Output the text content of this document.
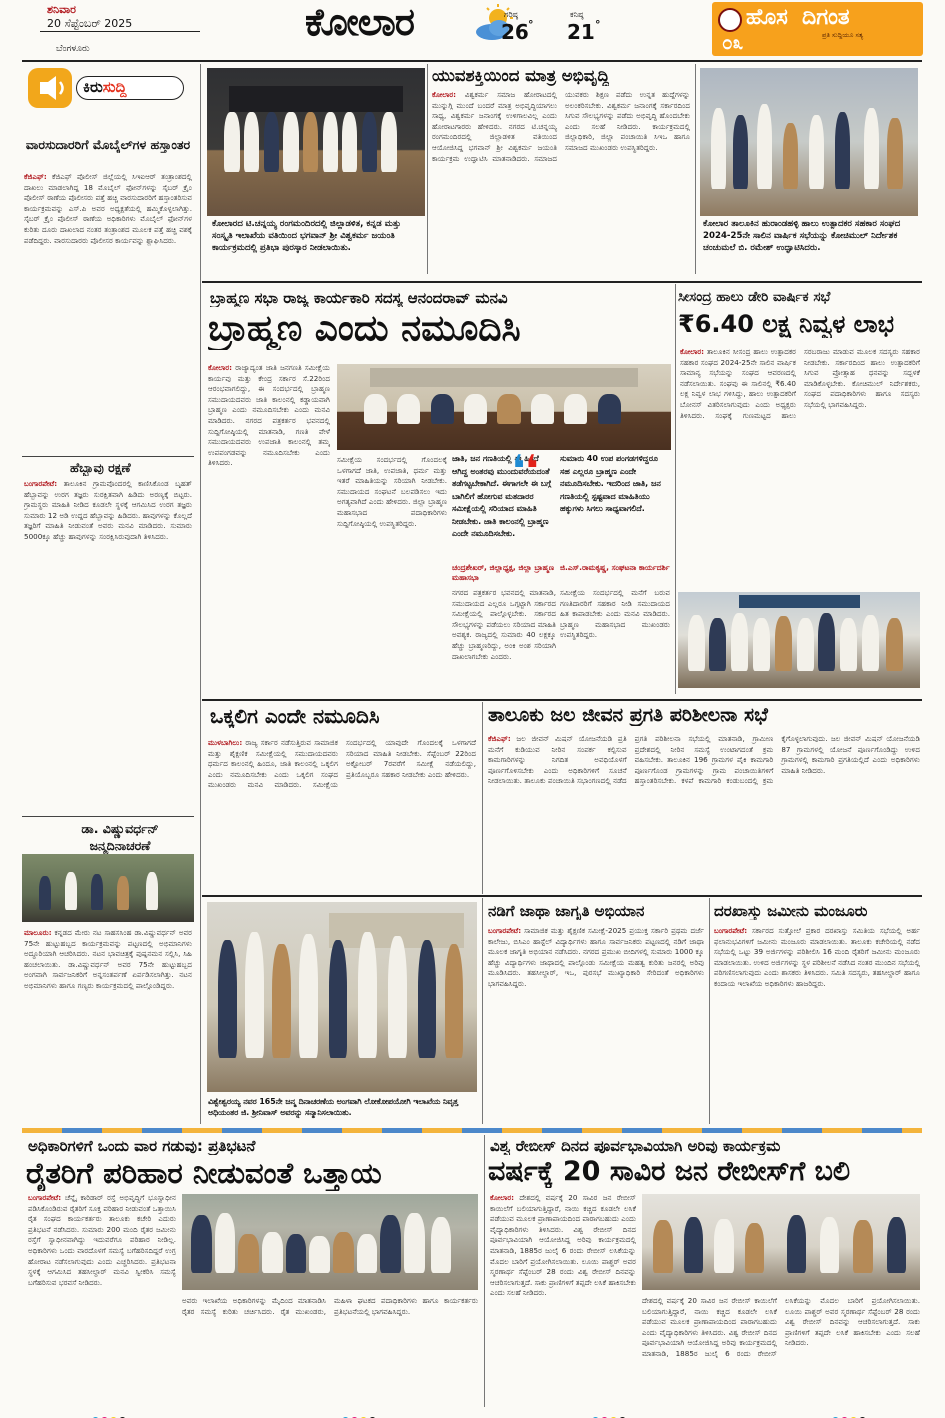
ಶನಿವಾರ
20 ಸೆಪ್ಟೆಂಬರ್ 2025
ಬೆಂಗಳೂರು
ಕೋಲಾರ	ಗರಿಷ್ಠ
26 °
ಕನಿಷ್ಠ
21 °	ಹೊಸ ದಿಗಂತ
ಪ್ರತಿ ಸುದ್ದಿಯೂ ಸತ್ಯ
೦೩
ಕಿರುಸುದ್ದಿ
ವಾರಸುದಾರರಿಗೆ ಮೊಬೈಲ್‌ಗಳ ಹಸ್ತಾಂತರ
ಕೆಜಿಎಫ್: ಕೆಜಿಎಫ್ ಪೊಲೀಸ್ ಜಿಲ್ಲೆಯಲ್ಲಿ ಸಿಇಐಆರ್ ತಂತ್ರಾಂಶದಲ್ಲಿ ದಾಖಲು ಮಾಡಲಾಗಿದ್ದ 18 ಮೊಬೈಲ್ ಫೋನ್‌ಗಳನ್ನು ಸೈಬರ್ ಕ್ರೈಂ ಪೊಲೀಸ್ ಠಾಣೆಯ ಪೊಲೀಸರು ಪತ್ತೆ ಹಚ್ಚಿ ವಾರಸುದಾರರಿಗೆ ಹಸ್ತಾಂತರಿಸುವ ಕಾರ್ಯಕ್ರಮವನ್ನು ಎಸ್.ಪಿ ಅವರ ಅಧ್ಯಕ್ಷತೆಯಲ್ಲಿ ಹಮ್ಮಿಕೊಳ್ಳಲಾಗಿತ್ತು. ಸೈಬರ್ ಕ್ರೈಂ ಪೊಲೀಸ್ ಠಾಣೆಯ ಅಧಿಕಾರಿಗಳು ಮೊಬೈಲ್ ಫೋನ್‌ಗಳ ಕುರಿತು ದೂರು ದಾಖಲಾದ ನಂತರ ತಂತ್ರಾಂಶದ ಮೂಲಕ ಪತ್ತೆ ಹಚ್ಚಿ ವಶಕ್ಕೆ ಪಡೆದಿದ್ದರು. ವಾರಸುದಾರರು ಪೊಲೀಸರ ಕಾರ್ಯವನ್ನು ಶ್ಲಾಘಿಸಿದರು.
ಹೆಬ್ಬಾವು ರಕ್ಷಣೆ
ಬಂಗಾರಪೇಟೆ: ತಾಲೂಕಿನ ಗ್ರಾಮವೊಂದರಲ್ಲಿ ಕಾಣಿಸಿಕೊಂಡ ಬೃಹತ್ ಹೆಬ್ಬಾವನ್ನು ಉರಗ ತಜ್ಞರು ಸುರಕ್ಷಿತವಾಗಿ ಹಿಡಿದು ಅರಣ್ಯಕ್ಕೆ ಬಿಟ್ಟರು. ಗ್ರಾಮಸ್ಥರು ಮಾಹಿತಿ ನೀಡಿದ ಕೂಡಲೇ ಸ್ಥಳಕ್ಕೆ ಆಗಮಿಸಿದ ಉರಗ ತಜ್ಞರು ಸುಮಾರು 12 ಅಡಿ ಉದ್ದದ ಹೆಬ್ಬಾವನ್ನು ಹಿಡಿದರು. ಹಾವುಗಳನ್ನು ಕೊಲ್ಲದೆ ತಜ್ಞರಿಗೆ ಮಾಹಿತಿ ನೀಡುವಂತೆ ಅವರು ಮನವಿ ಮಾಡಿದರು. ಸುಮಾರು 5000ಕ್ಕೂ ಹೆಚ್ಚು ಹಾವುಗಳನ್ನು ಸಂರಕ್ಷಿಸಿರುವುದಾಗಿ ತಿಳಿಸಿದರು.
ಡಾ. ವಿಷ್ಣುವರ್ಧನ್ ಜನ್ಮದಿನಾಚರಣೆ
ಮಾಲೂರು: ಕನ್ನಡದ ಮೇರು ನಟ ಸಾಹಸಸಿಂಹ ಡಾ.ವಿಷ್ಣುವರ್ಧನ್ ಅವರ 75ನೇ ಹುಟ್ಟುಹಬ್ಬದ ಕಾರ್ಯಕ್ರಮವನ್ನು ಪಟ್ಟಣದಲ್ಲಿ ಅಭಿಮಾನಿಗಳು ಅದ್ಧೂರಿಯಾಗಿ ಆಚರಿಸಿದರು. ನಟನ ಭಾವಚಿತ್ರಕ್ಕೆ ಪುಷ್ಪನಮನ ಸಲ್ಲಿಸಿ, ಸಿಹಿ ಹಂಚಲಾಯಿತು. ಡಾ.ವಿಷ್ಣುವರ್ಧನ್ ಅವರ 75ನೇ ಹುಟ್ಟುಹಬ್ಬದ ಅಂಗವಾಗಿ ಸಾರ್ವಜನಿಕರಿಗೆ ಅನ್ನಸಂತರ್ಪಣೆ ಏರ್ಪಡಿಸಲಾಗಿತ್ತು. ನಟನ ಅಭಿಮಾನಿಗಳು ಹಾಗೂ ಗಣ್ಯರು ಕಾರ್ಯಕ್ರಮದಲ್ಲಿ ಪಾಲ್ಗೊಂಡಿದ್ದರು.
ಕೋಲಾರದ ಟಿ.ಚನ್ನಯ್ಯ ರಂಗಮಂದಿರದಲ್ಲಿ ಜಿಲ್ಲಾಡಳಿತ, ಕನ್ನಡ ಮತ್ತು ಸಂಸ್ಕೃತಿ ಇಲಾಖೆಯ ವತಿಯಿಂದ ಭಗವಾನ್ ಶ್ರೀ ವಿಶ್ವಕರ್ಮ ಜಯಂತಿ ಕಾರ್ಯಕ್ರಮದಲ್ಲಿ ಪ್ರತಿಭಾ ಪುರಸ್ಕಾರ ನೀಡಲಾಯಿತು.
ಯುವಶಕ್ತಿಯಿಂದ ಮಾತ್ರ ಅಭಿವೃದ್ಧಿ
ಕೋಲಾರ: ವಿಶ್ವಕರ್ಮ ಸಮಾಜ ಹೋರಾಟದಲ್ಲಿ ಮುನ್ನುಗ್ಗಿ ಮುಂದೆ ಬಂದರೆ ಮಾತ್ರ ಅಭಿವೃದ್ಧಿಯಾಗಲು ಸಾಧ್ಯ, ವಿಶ್ವಕರ್ಮ ಜನಾಂಗಕ್ಕೆ ಉಳಿಗಾಲವಿಲ್ಲ ಎಂದು ಹೋರಾಟಗಾರರು ಹೇಳಿದರು. ನಗರದ ಟಿ.ಚನ್ನಯ್ಯ ರಂಗಮಂದಿರದಲ್ಲಿ ಜಿಲ್ಲಾಡಳಿತ ವತಿಯಿಂದ ಆಯೋಜಿಸಿದ್ದ ಭಗವಾನ್ ಶ್ರೀ ವಿಶ್ವಕರ್ಮ ಜಯಂತಿ ಕಾರ್ಯಕ್ರಮ ಉದ್ಘಾಟಿಸಿ ಮಾತನಾಡಿದರು. ಸಮಾಜದ ಯುವಕರು ಶಿಕ್ಷಣ ಪಡೆದು ಉನ್ನತ ಹುದ್ದೆಗಳನ್ನು ಅಲಂಕರಿಸಬೇಕು. ವಿಶ್ವಕರ್ಮ ಜನಾಂಗಕ್ಕೆ ಸರ್ಕಾರದಿಂದ ಸಿಗುವ ಸೌಲಭ್ಯಗಳನ್ನು ಪಡೆದು ಅಭಿವೃದ್ಧಿ ಹೊಂದಬೇಕು ಎಂದು ಸಲಹೆ ನೀಡಿದರು. ಕಾರ್ಯಕ್ರಮದಲ್ಲಿ ಜಿಲ್ಲಾಧಿಕಾರಿ, ಜಿಲ್ಲಾ ಪಂಚಾಯಿತಿ ಸಿಇಒ ಹಾಗೂ ಸಮಾಜದ ಮುಖಂಡರು ಉಪಸ್ಥಿತರಿದ್ದರು.
ಕೋಲಾರ ತಾಲೂಕಿನ ಹುರಾಂಡಹಳ್ಳಿ ಹಾಲು ಉತ್ಪಾದಕರ ಸಹಕಾರ ಸಂಘದ 2024-25ನೇ ಸಾಲಿನ ವಾರ್ಷಿಕ ಸಭೆಯನ್ನು ಕೋಚಿಮುಲ್ ನಿರ್ದೇಶಕ ಚಂಚುಮಲೆ ಬಿ. ರಮೇಶ್ ಉದ್ಘಾಟಿಸಿದರು.
ಬ್ರಾಹ್ಮಣ ಸಭಾ ರಾಜ್ಯ ಕಾರ್ಯಕಾರಿ ಸದಸ್ಯ ಆನಂದರಾವ್ ಮನವಿ
ಬ್ರಾಹ್ಮಣ ಎಂದು ನಮೂದಿಸಿ
ಕೋಲಾರ: ರಾಜ್ಯಾದ್ಯಂತ ಜಾತಿ ಜನಗಣತಿ ಸಮೀಕ್ಷೆಯ ಕಾರ್ಯವು ಮತ್ತು ಕೇಂದ್ರ ಸರ್ಕಾರ ಸೆ.22ರಿಂದ ಆರಂಭವಾಗಲಿದ್ದು, ಈ ಸಂದರ್ಭದಲ್ಲಿ ಬ್ರಾಹ್ಮಣ ಸಮುದಾಯದವರು ಜಾತಿ ಕಾಲಂನಲ್ಲಿ ಕಡ್ಡಾಯವಾಗಿ ಬ್ರಾಹ್ಮಣ ಎಂದು ನಮೂದಿಸಬೇಕು ಎಂದು ಮನವಿ ಮಾಡಿದರು. ನಗರದ ಪತ್ರಕರ್ತರ ಭವನದಲ್ಲಿ ಸುದ್ದಿಗೋಷ್ಠಿಯಲ್ಲಿ ಮಾತನಾಡಿ, ಗಣತಿ ವೇಳೆ ಸಮುದಾಯದವರು ಉಪಜಾತಿ ಕಾಲಂನಲ್ಲಿ ತಮ್ಮ ಉಪಪಂಗಡವನ್ನು ನಮೂದಿಸಬೇಕು ಎಂದು ತಿಳಿಸಿದರು.	ಸಮೀಕ್ಷೆಯ ಸಂದರ್ಭದಲ್ಲಿ ಗೊಂದಲಕ್ಕೆ ಒಳಗಾಗದೆ ಜಾತಿ, ಉಪಜಾತಿ, ಧರ್ಮ ಮತ್ತು ಇತರೆ ಮಾಹಿತಿಯನ್ನು ಸರಿಯಾಗಿ ನೀಡಬೇಕು. ಸಮುದಾಯದ ಸಂಘಟನೆ ಬಲಪಡಿಸಲು ಇದು ಅಗತ್ಯವಾಗಿದೆ ಎಂದು ಹೇಳಿದರು. ಜಿಲ್ಲಾ ಬ್ರಾಹ್ಮಣ ಮಹಾಸಭಾದ ಪದಾಧಿಕಾರಿಗಳು ಸುದ್ದಿಗೋಷ್ಠಿಯಲ್ಲಿ ಉಪಸ್ಥಿತರಿದ್ದರು.
ಜಾತಿ, ಜನ ಗಣತಿಯಲ್ಲಿ ಈ ಹಿಂದೆ ಆಗಿದ್ದ ಅಂತರವು ಮುಂದುವರೆಯದಂತೆ ತಡೆಗಟ್ಟಬೇಕಾಗಿದೆ. ಈಗಾಗಲೇ ಈ ಬಗ್ಗೆ ಬಾಗಿಲಿಗೆ ಹೋಗುವ ಮತದಾರರ ಸಮೀಕ್ಷೆಯಲ್ಲಿ ಸರಿಯಾದ ಮಾಹಿತಿ ನೀಡಬೇಕು. ಜಾತಿ ಕಾಲಂನಲ್ಲಿ ಬ್ರಾಹ್ಮಣ ಎಂದೇ ನಮೂದಿಸಬೇಕು.
❛❛	ಸುಮಾರು 40 ಉಪ ಪಂಗಡಗಳಿದ್ದರೂ ಸಹ ಎಲ್ಲರೂ ಬ್ರಾಹ್ಮಣ ಎಂದೇ ನಮೂದಿಸಬೇಕು. ಇದರಿಂದ ಜಾತಿ, ಜನ ಗಣತಿಯಲ್ಲಿ ಸ್ಪಷ್ಟವಾದ ಮಾಹಿತಿಯು ಹಕ್ಕುಗಳು ಸಿಗಲು ಸಾಧ್ಯವಾಗಲಿದೆ.
ಚಂದ್ರಶೇಖರ್, ಜಿಲ್ಲಾಧ್ಯಕ್ಷ, ಜಿಲ್ಲಾ ಬ್ರಾಹ್ಮಣ ಮಹಾಸಭಾ
ಜಿ.ಎಸ್.ರಾಮಕೃಷ್ಣ, ಸಂಘಟನಾ ಕಾರ್ಯದರ್ಶಿ
ನಗರದ ಪತ್ರಕರ್ತರ ಭವನದಲ್ಲಿ ಮಾತನಾಡಿ, ಸಮುದಾಯದ ಎಲ್ಲರೂ ಒಗ್ಗಟ್ಟಾಗಿ ಸರ್ಕಾರದ ಸಮೀಕ್ಷೆಯಲ್ಲಿ ಪಾಲ್ಗೊಳ್ಳಬೇಕು. ಸರ್ಕಾರದ ಸೌಲಭ್ಯಗಳನ್ನು ಪಡೆಯಲು ಸರಿಯಾದ ಮಾಹಿತಿ ಅವಶ್ಯಕ. ರಾಜ್ಯದಲ್ಲಿ ಸುಮಾರು 40 ಲಕ್ಷಕ್ಕೂ ಹೆಚ್ಚು ಬ್ರಾಹ್ಮಣರಿದ್ದು, ಅಂಕಿ ಅಂಶ ಸರಿಯಾಗಿ ದಾಖಲಾಗಬೇಕು ಎಂದರು.
ಸಮೀಕ್ಷೆಯ ಸಂದರ್ಭದಲ್ಲಿ ಮನೆಗೆ ಬರುವ ಗಣತಿದಾರರಿಗೆ ಸಹಕಾರ ನೀಡಿ ಸಮುದಾಯದ ಹಿತ ಕಾಪಾಡಬೇಕು ಎಂದು ಮನವಿ ಮಾಡಿದರು. ಬ್ರಾಹ್ಮಣ ಮಹಾಸಭಾದ ಮುಖಂಡರು ಉಪಸ್ಥಿತರಿದ್ದರು.
ಸೀಸಂದ್ರ ಹಾಲು ಡೇರಿ ವಾರ್ಷಿಕ ಸಭೆ
₹6.40 ಲಕ್ಷ ನಿವ್ವಳ ಲಾಭ
ಕೋಲಾರ: ತಾಲೂಕಿನ ಸೀಸಂದ್ರ ಹಾಲು ಉತ್ಪಾದಕರ ಸಹಕಾರ ಸಂಘದ 2024-25ನೇ ಸಾಲಿನ ವಾರ್ಷಿಕ ಸಾಮಾನ್ಯ ಸಭೆಯನ್ನು ಸಂಘದ ಆವರಣದಲ್ಲಿ ನಡೆಸಲಾಯಿತು. ಸಂಘವು ಈ ಸಾಲಿನಲ್ಲಿ ₹6.40 ಲಕ್ಷ ನಿವ್ವಳ ಲಾಭ ಗಳಿಸಿದ್ದು, ಹಾಲು ಉತ್ಪಾದಕರಿಗೆ ಬೋನಸ್ ವಿತರಿಸಲಾಗುವುದು ಎಂದು ಅಧ್ಯಕ್ಷರು ತಿಳಿಸಿದರು. ಸಂಘಕ್ಕೆ ಗುಣಮಟ್ಟದ ಹಾಲು ಸರಬರಾಜು ಮಾಡುವ ಮೂಲಕ ಸದಸ್ಯರು ಸಹಕಾರ ನೀಡಬೇಕು. ಸರ್ಕಾರದಿಂದ ಹಾಲು ಉತ್ಪಾದಕರಿಗೆ ಸಿಗುವ ಪ್ರೋತ್ಸಾಹ ಧನವನ್ನು ಸದ್ಬಳಕೆ ಮಾಡಿಕೊಳ್ಳಬೇಕು. ಕೋಚಿಮುಲ್ ನಿರ್ದೇಶಕರು, ಸಂಘದ ಪದಾಧಿಕಾರಿಗಳು ಹಾಗೂ ಸದಸ್ಯರು ಸಭೆಯಲ್ಲಿ ಭಾಗವಹಿಸಿದ್ದರು.
ಒಕ್ಕಲಿಗ ಎಂದೇ ನಮೂದಿಸಿ
ಮುಳಬಾಗಿಲು: ರಾಜ್ಯ ಸರ್ಕಾರ ನಡೆಸುತ್ತಿರುವ ಸಾಮಾಜಿಕ ಮತ್ತು ಶೈಕ್ಷಣಿಕ ಸಮೀಕ್ಷೆಯಲ್ಲಿ ಸಮುದಾಯದವರು ಧರ್ಮದ ಕಾಲಂನಲ್ಲಿ ಹಿಂದೂ, ಜಾತಿ ಕಾಲಂನಲ್ಲಿ ಒಕ್ಕಲಿಗ ಎಂದು ನಮೂದಿಸಬೇಕು ಎಂದು ಒಕ್ಕಲಿಗ ಸಂಘದ ಮುಖಂಡರು ಮನವಿ ಮಾಡಿದರು. ಸಮೀಕ್ಷೆಯ ಸಂದರ್ಭದಲ್ಲಿ ಯಾವುದೇ ಗೊಂದಲಕ್ಕೆ ಒಳಗಾಗದೆ ಸರಿಯಾದ ಮಾಹಿತಿ ನೀಡಬೇಕು. ಸೆಪ್ಟೆಂಬರ್ 22ರಿಂದ ಅಕ್ಟೋಬರ್ 7ರವರೆಗೆ ಸಮೀಕ್ಷೆ ನಡೆಯಲಿದ್ದು, ಪ್ರತಿಯೊಬ್ಬರೂ ಸಹಕಾರ ನೀಡಬೇಕು ಎಂದು ಹೇಳಿದರು.
ತಾಲೂಕು ಜಲ ಜೀವನ ಪ್ರಗತಿ ಪರಿಶೀಲನಾ ಸಭೆ
ಕೆಜಿಎಫ್: ಜಲ ಜೀವನ್ ಮಿಷನ್ ಯೋಜನೆಯಡಿ ಪ್ರತಿ ಮನೆಗೆ ಕುಡಿಯುವ ನೀರಿನ ಸಂಪರ್ಕ ಕಲ್ಪಿಸುವ ಕಾಮಗಾರಿಗಳನ್ನು ನಿಗದಿತ ಅವಧಿಯೊಳಗೆ ಪೂರ್ಣಗೊಳಿಸಬೇಕು ಎಂದು ಅಧಿಕಾರಿಗಳಿಗೆ ಸೂಚನೆ ನೀಡಲಾಯಿತು. ತಾಲೂಕು ಪಂಚಾಯಿತಿ ಸಭಾಂಗಣದಲ್ಲಿ ನಡೆದ ಪ್ರಗತಿ ಪರಿಶೀಲನಾ ಸಭೆಯಲ್ಲಿ ಮಾತನಾಡಿ, ಗ್ರಾಮೀಣ ಪ್ರದೇಶದಲ್ಲಿ ನೀರಿನ ಸಮಸ್ಯೆ ಉಂಟಾಗದಂತೆ ಕ್ರಮ ವಹಿಸಬೇಕು. ತಾಲೂಕಿನ 196 ಗ್ರಾಮಗಳ ಪೈಕಿ ಕಾಮಗಾರಿ ಪೂರ್ಣಗೊಂಡ ಗ್ರಾಮಗಳನ್ನು ಗ್ರಾಮ ಪಂಚಾಯಿತಿಗಳಿಗೆ ಹಸ್ತಾಂತರಿಸಬೇಕು. ಕಳಪೆ ಕಾಮಗಾರಿ ಕಂಡುಬಂದಲ್ಲಿ ಕ್ರಮ ಕೈಗೊಳ್ಳಲಾಗುವುದು. ಜಲ ಜೀವನ್ ಮಿಷನ್ ಯೋಜನೆಯಡಿ 87 ಗ್ರಾಮಗಳಲ್ಲಿ ಯೋಜನೆ ಪೂರ್ಣಗೊಂಡಿದ್ದು ಉಳಿದ ಗ್ರಾಮಗಳಲ್ಲಿ ಕಾಮಗಾರಿ ಪ್ರಗತಿಯಲ್ಲಿದೆ ಎಂದು ಅಧಿಕಾರಿಗಳು ಮಾಹಿತಿ ನೀಡಿದರು.
ವಿಶ್ವೇಶ್ವರಯ್ಯ ನವರ 165ನೇ ಜನ್ಮ ದಿನಾಚರಣೆಯ ಅಂಗವಾಗಿ ಲೋಕೋಪಯೋಗಿ ಇಲಾಖೆಯ ನಿವೃತ್ತ ಅಧಿಯಂತರ ಜಿ. ಶ್ರೀನಿವಾಸ್ ಅವರನ್ನು ಸನ್ಮಾನಿಸಲಾಯಿತು.
ನಡಿಗೆ ಜಾಥಾ ಜಾಗೃತಿ ಅಭಿಯಾನ
ಬಂಗಾರಪೇಟೆ: ಸಾಮಾಜಿಕ ಮತ್ತು ಶೈಕ್ಷಣಿಕ ಸಮೀಕ್ಷೆ-2025 ಪ್ರಯುಕ್ತ ಸರ್ಕಾರಿ ಪ್ರಥಮ ದರ್ಜೆ ಕಾಲೇಜು, ಬಿಸಿಎಂ ಹಾಸ್ಟೆಲ್ ವಿದ್ಯಾರ್ಥಿಗಳು ಹಾಗೂ ಸಾರ್ವಜನಿಕರು ಪಟ್ಟಣದಲ್ಲಿ ನಡಿಗೆ ಜಾಥಾ ಮೂಲಕ ಜಾಗೃತಿ ಅಭಿಯಾನ ನಡೆಸಿದರು. ನಗರದ ಪ್ರಮುಖ ಬೀದಿಗಳಲ್ಲಿ ಸುಮಾರು 1000 ಕ್ಕೂ ಹೆಚ್ಚು ವಿದ್ಯಾರ್ಥಿಗಳು ಜಾಥಾದಲ್ಲಿ ಪಾಲ್ಗೊಂಡು ಸಮೀಕ್ಷೆಯ ಮಹತ್ವ ಕುರಿತು ಜನರಲ್ಲಿ ಅರಿವು ಮೂಡಿಸಿದರು. ತಹಸೀಲ್ದಾರ್, ಇಒ, ಪುರಸಭೆ ಮುಖ್ಯಾಧಿಕಾರಿ ಸೇರಿದಂತೆ ಅಧಿಕಾರಿಗಳು ಭಾಗವಹಿಸಿದ್ದರು.
ದರಖಾಸ್ತು ಜಮೀನು ಮಂಜೂರು
ಬಂಗಾರಪೇಟೆ: ಸರ್ಕಾರದ ಸುತ್ತೋಲೆ ಪ್ರಕಾರ ದರಖಾಸ್ತು ಸಮಿತಿಯ ಸಭೆಯಲ್ಲಿ ಅರ್ಹ ಫಲಾನುಭವಿಗಳಿಗೆ ಜಮೀನು ಮಂಜೂರು ಮಾಡಲಾಯಿತು. ತಾಲೂಕು ಕಚೇರಿಯಲ್ಲಿ ನಡೆದ ಸಭೆಯಲ್ಲಿ ಒಟ್ಟು 39 ಅರ್ಜಿಗಳನ್ನು ಪರಿಶೀಲಿಸಿ 16 ಮಂದಿ ರೈತರಿಗೆ ಜಮೀನು ಮಂಜೂರು ಮಾಡಲಾಯಿತು. ಉಳಿದ ಅರ್ಜಿಗಳನ್ನು ಸ್ಥಳ ಪರಿಶೀಲನೆ ನಡೆಸಿದ ನಂತರ ಮುಂದಿನ ಸಭೆಯಲ್ಲಿ ಪರಿಗಣಿಸಲಾಗುವುದು ಎಂದು ಶಾಸಕರು ತಿಳಿಸಿದರು. ಸಮಿತಿ ಸದಸ್ಯರು, ತಹಸೀಲ್ದಾರ್ ಹಾಗೂ ಕಂದಾಯ ಇಲಾಖೆಯ ಅಧಿಕಾರಿಗಳು ಹಾಜರಿದ್ದರು.
ಅಧಿಕಾರಿಗಳಿಗೆ ಒಂದು ವಾರ ಗಡುವು: ಪ್ರತಿಭಟನೆ
ರೈತರಿಗೆ ಪರಿಹಾರ ನೀಡುವಂತೆ ಒತ್ತಾಯ
ಬಂಗಾರಪೇಟೆ: ಚೆನ್ನೈ ಕಾರಿಡಾರ್ ರಸ್ತೆ ಅಭಿವೃದ್ಧಿಗೆ ಭೂಸ್ವಾಧೀನ ಪಡಿಸಿಕೊಂಡಿರುವ ರೈತರಿಗೆ ಸೂಕ್ತ ಪರಿಹಾರ ನೀಡುವಂತೆ ಒತ್ತಾಯಿಸಿ ರೈತ ಸಂಘದ ಕಾರ್ಯಕರ್ತರು ತಾಲೂಕು ಕಚೇರಿ ಎದುರು ಪ್ರತಿಭಟನೆ ನಡೆಸಿದರು. ಸುಮಾರು 200 ಮಂದಿ ರೈತರ ಜಮೀನು ರಸ್ತೆಗೆ ಸ್ವಾಧೀನವಾಗಿದ್ದು ಇದುವರೆಗೂ ಪರಿಹಾರ ನೀಡಿಲ್ಲ. ಅಧಿಕಾರಿಗಳು ಒಂದು ವಾರದೊಳಗೆ ಸಮಸ್ಯೆ ಬಗೆಹರಿಸದಿದ್ದರೆ ಉಗ್ರ ಹೋರಾಟ ನಡೆಸಲಾಗುವುದು ಎಂದು ಎಚ್ಚರಿಸಿದರು. ಪ್ರತಿಭಟನಾ ಸ್ಥಳಕ್ಕೆ ಆಗಮಿಸಿದ ತಹಸೀಲ್ದಾರ್ ಮನವಿ ಸ್ವೀಕರಿಸಿ ಸಮಸ್ಯೆ ಬಗೆಹರಿಸುವ ಭರವಸೆ ನೀಡಿದರು.
ಅವರು ಇಲಾಖೆಯ ಅಧಿಕಾರಿಗಳನ್ನು ಮೈದಿಂದ ಮಾತನಾಡಿಸಿ ರೈತರ ಸಮಸ್ಯೆ ಕುರಿತು ಚರ್ಚಿಸಿದರು. ರೈತ ಮುಖಂಡರು, ಮಹಿಳಾ ಘಟಕದ ಪದಾಧಿಕಾರಿಗಳು ಹಾಗೂ ಕಾರ್ಯಕರ್ತರು ಪ್ರತಿಭಟನೆಯಲ್ಲಿ ಭಾಗವಹಿಸಿದ್ದರು.
ವಿಶ್ವ ರೇಬೀಸ್ ದಿನದ ಪೂರ್ವಭಾವಿಯಾಗಿ ಅರಿವು ಕಾರ್ಯಕ್ರಮ
ವರ್ಷಕ್ಕೆ 20 ಸಾವಿರ ಜನ ರೇಬೀಸ್‌ಗೆ ಬಲಿ
ಕೋಲಾರ: ದೇಶದಲ್ಲಿ ವರ್ಷಕ್ಕೆ 20 ಸಾವಿರ ಜನ ರೇಬೀಸ್ ಕಾಯಿಲೆಗೆ ಬಲಿಯಾಗುತ್ತಿದ್ದಾರೆ, ನಾಯಿ ಕಚ್ಚಿದ ಕೂಡಲೇ ಲಸಿಕೆ ಪಡೆಯುವ ಮೂಲಕ ಪ್ರಾಣಾಪಾಯದಿಂದ ಪಾರಾಗಬಹುದು ಎಂದು ವೈದ್ಯಾಧಿಕಾರಿಗಳು ತಿಳಿಸಿದರು. ವಿಶ್ವ ರೇಬೀಸ್ ದಿನದ ಪೂರ್ವಭಾವಿಯಾಗಿ ಆಯೋಜಿಸಿದ್ದ ಅರಿವು ಕಾರ್ಯಕ್ರಮದಲ್ಲಿ ಮಾತನಾಡಿ, 1885ರ ಜುಲೈ 6 ರಂದು ರೇಬೀಸ್ ಲಸಿಕೆಯನ್ನು ಮೊದಲ ಬಾರಿಗೆ ಪ್ರಯೋಗಿಸಲಾಯಿತು. ಲೂಯಿ ಪಾಶ್ಚರ್ ಅವರ ಸ್ಮರಣಾರ್ಥ ಸೆಪ್ಟೆಂಬರ್ 28 ರಂದು ವಿಶ್ವ ರೇಬೀಸ್ ದಿನವನ್ನು ಆಚರಿಸಲಾಗುತ್ತದೆ. ಸಾಕು ಪ್ರಾಣಿಗಳಿಗೆ ತಪ್ಪದೇ ಲಸಿಕೆ ಹಾಕಿಸಬೇಕು ಎಂದು ಸಲಹೆ ನೀಡಿದರು.
ದೇಶದಲ್ಲಿ ವರ್ಷಕ್ಕೆ 20 ಸಾವಿರ ಜನ ರೇಬೀಸ್ ಕಾಯಿಲೆಗೆ ಬಲಿಯಾಗುತ್ತಿದ್ದಾರೆ, ನಾಯಿ ಕಚ್ಚಿದ ಕೂಡಲೇ ಲಸಿಕೆ ಪಡೆಯುವ ಮೂಲಕ ಪ್ರಾಣಾಪಾಯದಿಂದ ಪಾರಾಗಬಹುದು ಎಂದು ವೈದ್ಯಾಧಿಕಾರಿಗಳು ತಿಳಿಸಿದರು. ವಿಶ್ವ ರೇಬೀಸ್ ದಿನದ ಪೂರ್ವಭಾವಿಯಾಗಿ ಆಯೋಜಿಸಿದ್ದ ಅರಿವು ಕಾರ್ಯಕ್ರಮದಲ್ಲಿ ಮಾತನಾಡಿ, 1885ರ ಜುಲೈ 6 ರಂದು ರೇಬೀಸ್ ಲಸಿಕೆಯನ್ನು ಮೊದಲ ಬಾರಿಗೆ ಪ್ರಯೋಗಿಸಲಾಯಿತು. ಲೂಯಿ ಪಾಶ್ಚರ್ ಅವರ ಸ್ಮರಣಾರ್ಥ ಸೆಪ್ಟೆಂಬರ್ 28 ರಂದು ವಿಶ್ವ ರೇಬೀಸ್ ದಿನವನ್ನು ಆಚರಿಸಲಾಗುತ್ತದೆ. ಸಾಕು ಪ್ರಾಣಿಗಳಿಗೆ ತಪ್ಪದೇ ಲಸಿಕೆ ಹಾಕಿಸಬೇಕು ಎಂದು ಸಲಹೆ ನೀಡಿದರು.
